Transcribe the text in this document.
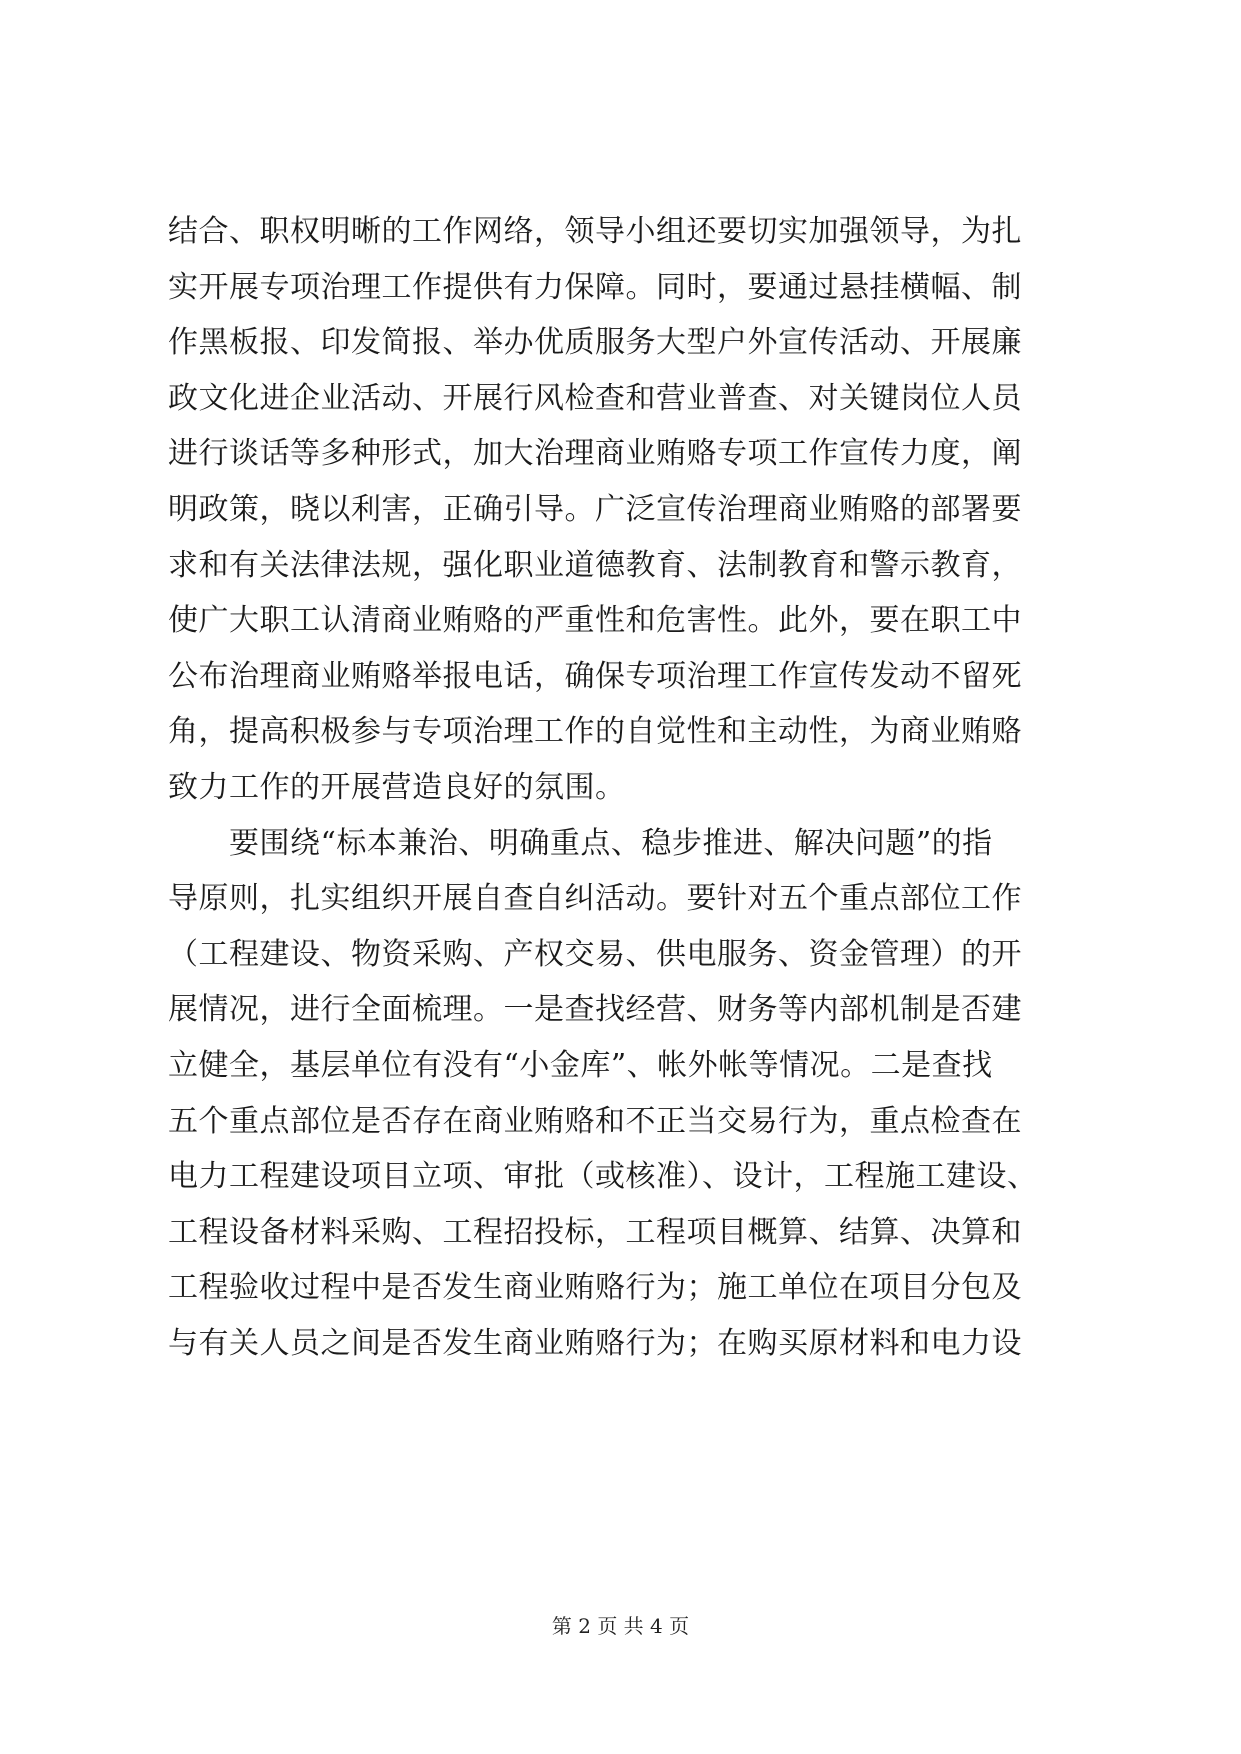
结合、职权明晰的工作网络，领导小组还要切实加强领导，为扎
实开展专项治理工作提供有力保障。同时，要通过悬挂横幅、制
作黑板报、印发简报、举办优质服务大型户外宣传活动、开展廉
政文化进企业活动、开展行风检查和营业普查、对关键岗位人员
进行谈话等多种形式，加大治理商业贿赂专项工作宣传力度，阐
明政策，晓以利害，正确引导。广泛宣传治理商业贿赂的部署要
求和有关法律法规，强化职业道德教育、法制教育和警示教育，
使广大职工认清商业贿赂的严重性和危害性。此外，要在职工中
公布治理商业贿赂举报电话，确保专项治理工作宣传发动不留死
角，提高积极参与专项治理工作的自觉性和主动性，为商业贿赂
致力工作的开展营造良好的氛围。
　　要围绕“标本兼治、明确重点、稳步推进、解决问题”的指
导原则，扎实组织开展自查自纠活动。要针对五个重点部位工作
（工程建设、物资采购、产权交易、供电服务、资金管理）的开
展情况，进行全面梳理。一是查找经营、财务等内部机制是否建
立健全，基层单位有没有“小金库”、帐外帐等情况。二是查找
五个重点部位是否存在商业贿赂和不正当交易行为，重点检查在
电力工程建设项目立项、审批（或核准）、设计，工程施工建设、
工程设备材料采购、工程招投标，工程项目概算、结算、决算和
工程验收过程中是否发生商业贿赂行为；施工单位在项目分包及
与有关人员之间是否发生商业贿赂行为；在购买原材料和电力设
第 2 页 共 4 页
